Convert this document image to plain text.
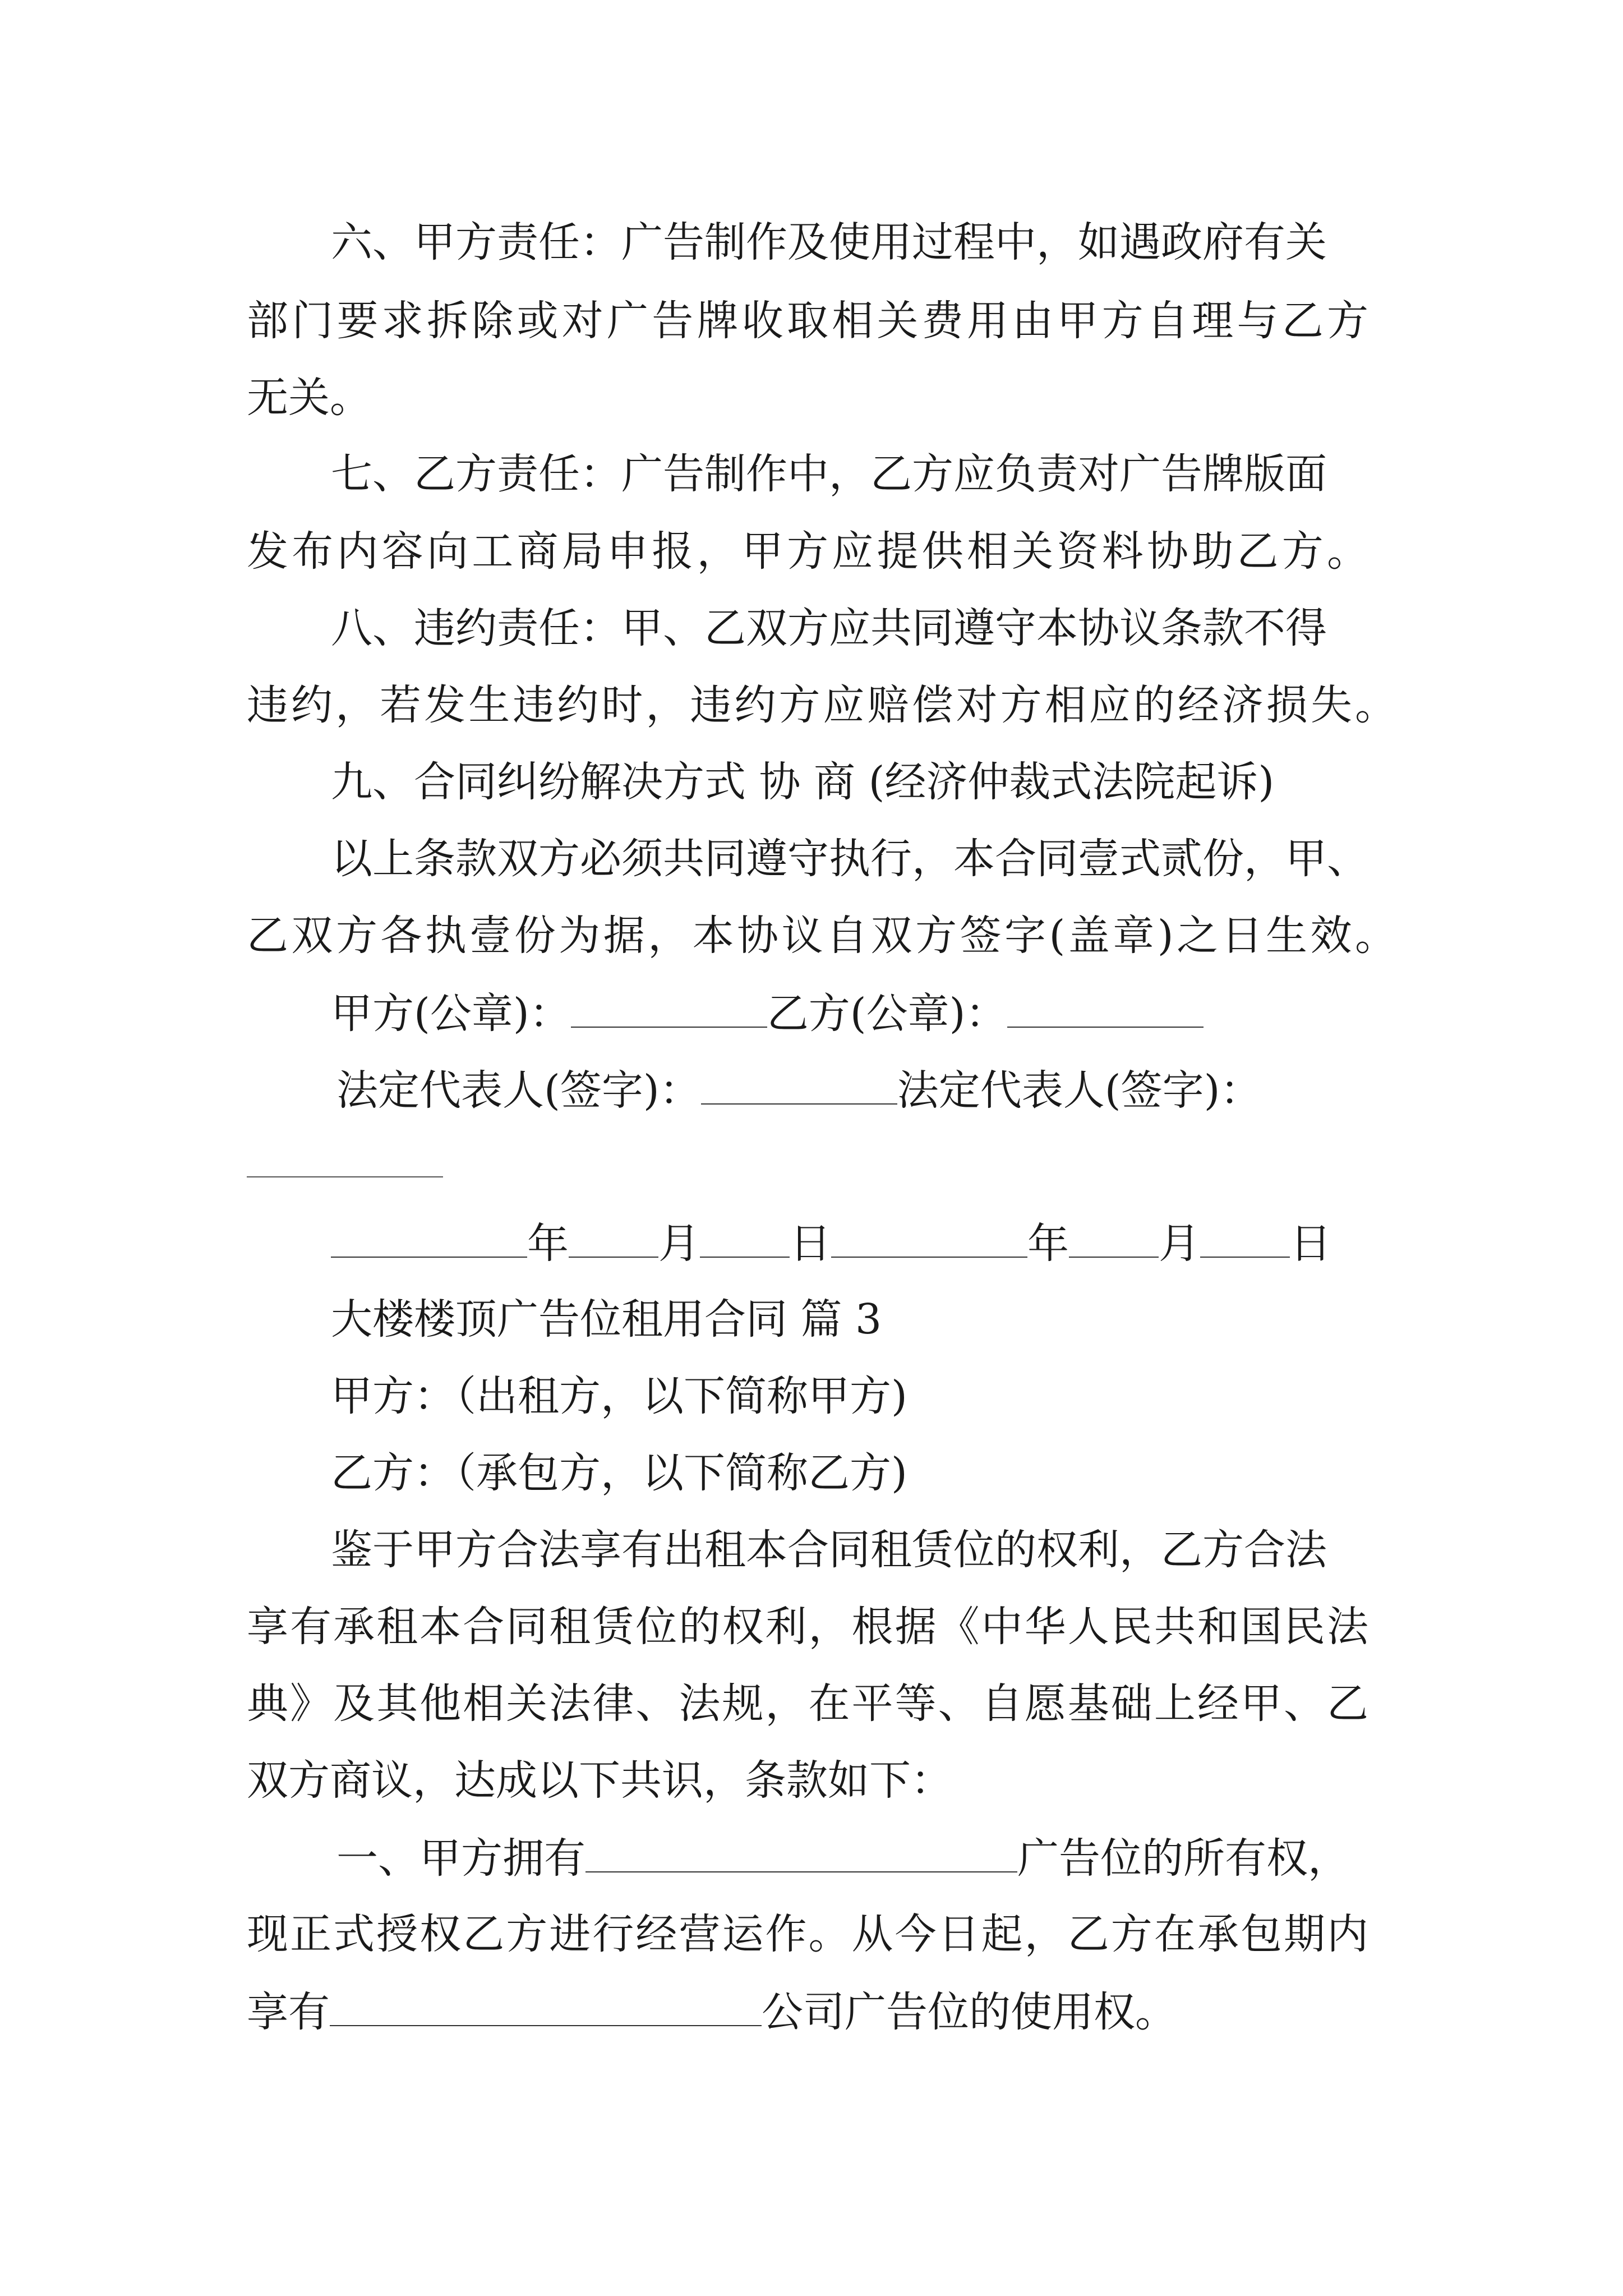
六、甲方责任：广告制作及使用过程中，如遇政府有关
部门要求拆除或对广告牌收取相关费用由甲方自理与乙方
无关。
七、乙方责任：广告制作中，乙方应负责对广告牌版面
发布内容向工商局申报，甲方应提供相关资料协助乙方。
八、违约责任：甲、乙双方应共同遵守本协议条款不得
违约，若发生违约时，违约方应赔偿对方相应的经济损失。
九、合同纠纷解决方式 协 商 (经济仲裁式法院起诉)
以上条款双方必须共同遵守执行，本合同壹式贰份，甲、
乙双方各执壹份为据，本协议自双方签字(盖章)之日生效。
甲方(公章)：	乙方(公章)：
法定代表人(签字)：	法定代表人(签字)：
年 月 日	年 月 日
大楼楼顶广告位租用合同 篇 3
甲方：（出租方，以下简称甲方)
乙方：（承包方，以下简称乙方)
鉴于甲方合法享有出租本合同租赁位的权利，乙方合法
享有承租本合同租赁位的权利，根据《中华人民共和国民法
典》及其他相关法律、法规，在平等、自愿基础上经甲、乙
双方商议，达成以下共识，条款如下：
一、甲方拥有	广告位的所有权，
现正式授权乙方进行经营运作。从今日起，乙方在承包期内
享有	公司广告位的使用权。
